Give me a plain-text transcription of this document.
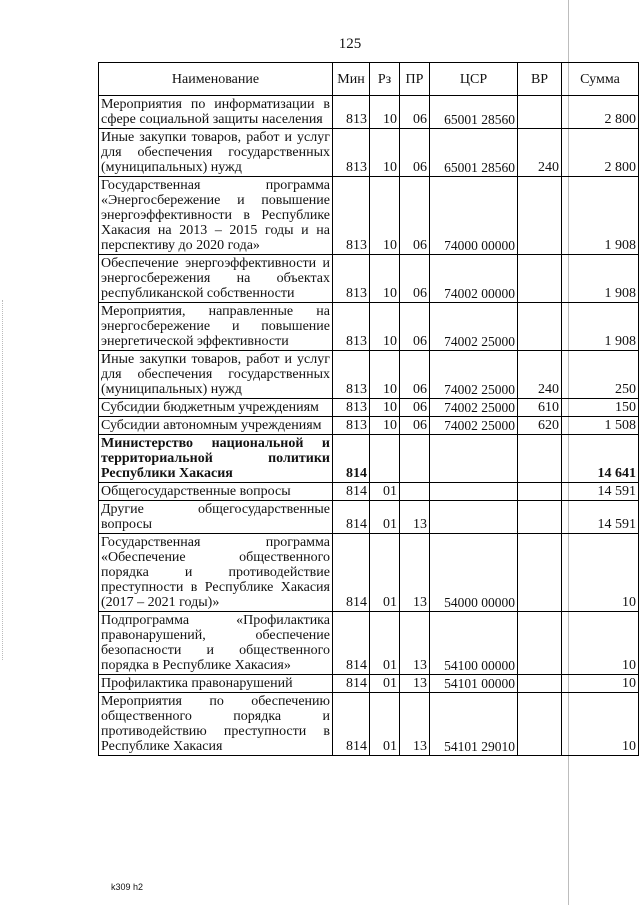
125
Наименование	Мин	Рз	ПР	ЦСР	ВР	Сумма
Мероприятия по информатизации в сфере социальной защиты населения	813	10	06	65001 28560		2 800
Иные закупки товаров, работ и услуг для обеспечения государственных (муниципальных) нужд	813	10	06	65001 28560	240	2 800
Государственная программа «Энергосбережение и повышение энергоэффективности в Республике Хакасия на 2013 – 2015 годы и на перспективу до 2020 года»	813	10	06	74000 00000		1 908
Обеспечение энергоэффективности и энергосбережения на объектах республиканской собственности	813	10	06	74002 00000		1 908
Мероприятия, направленные на энергосбережение и повышение энергетической эффективности	813	10	06	74002 25000		1 908
Иные закупки товаров, работ и услуг для обеспечения государственных (муниципальных) нужд	813	10	06	74002 25000	240	250
Субсидии бюджетным учреждениям	813	10	06	74002 25000	610	150
Субсидии автономным учреждениям	813	10	06	74002 25000	620	1 508
Министерство национальной и территориальной политики Республики Хакасия	814					14 641
Общегосударственные вопросы	814	01				14 591
Другие общегосударственные вопросы	814	01	13			14 591
Государственная программа «Обеспечение общественного порядка и противодействие преступности в Республике Хакасия (2017 – 2021 годы)»	814	01	13	54000 00000		10
Подпрограмма «Профилактика правонарушений, обеспечение безопасности и общественного порядка в Республике Хакасия»	814	01	13	54100 00000		10
Профилактика правонарушений	814	01	13	54101 00000		10
Мероприятия по обеспечению общественного порядка и противодействию преступности в Республике Хакасия	814	01	13	54101 29010		10
k309 h2
